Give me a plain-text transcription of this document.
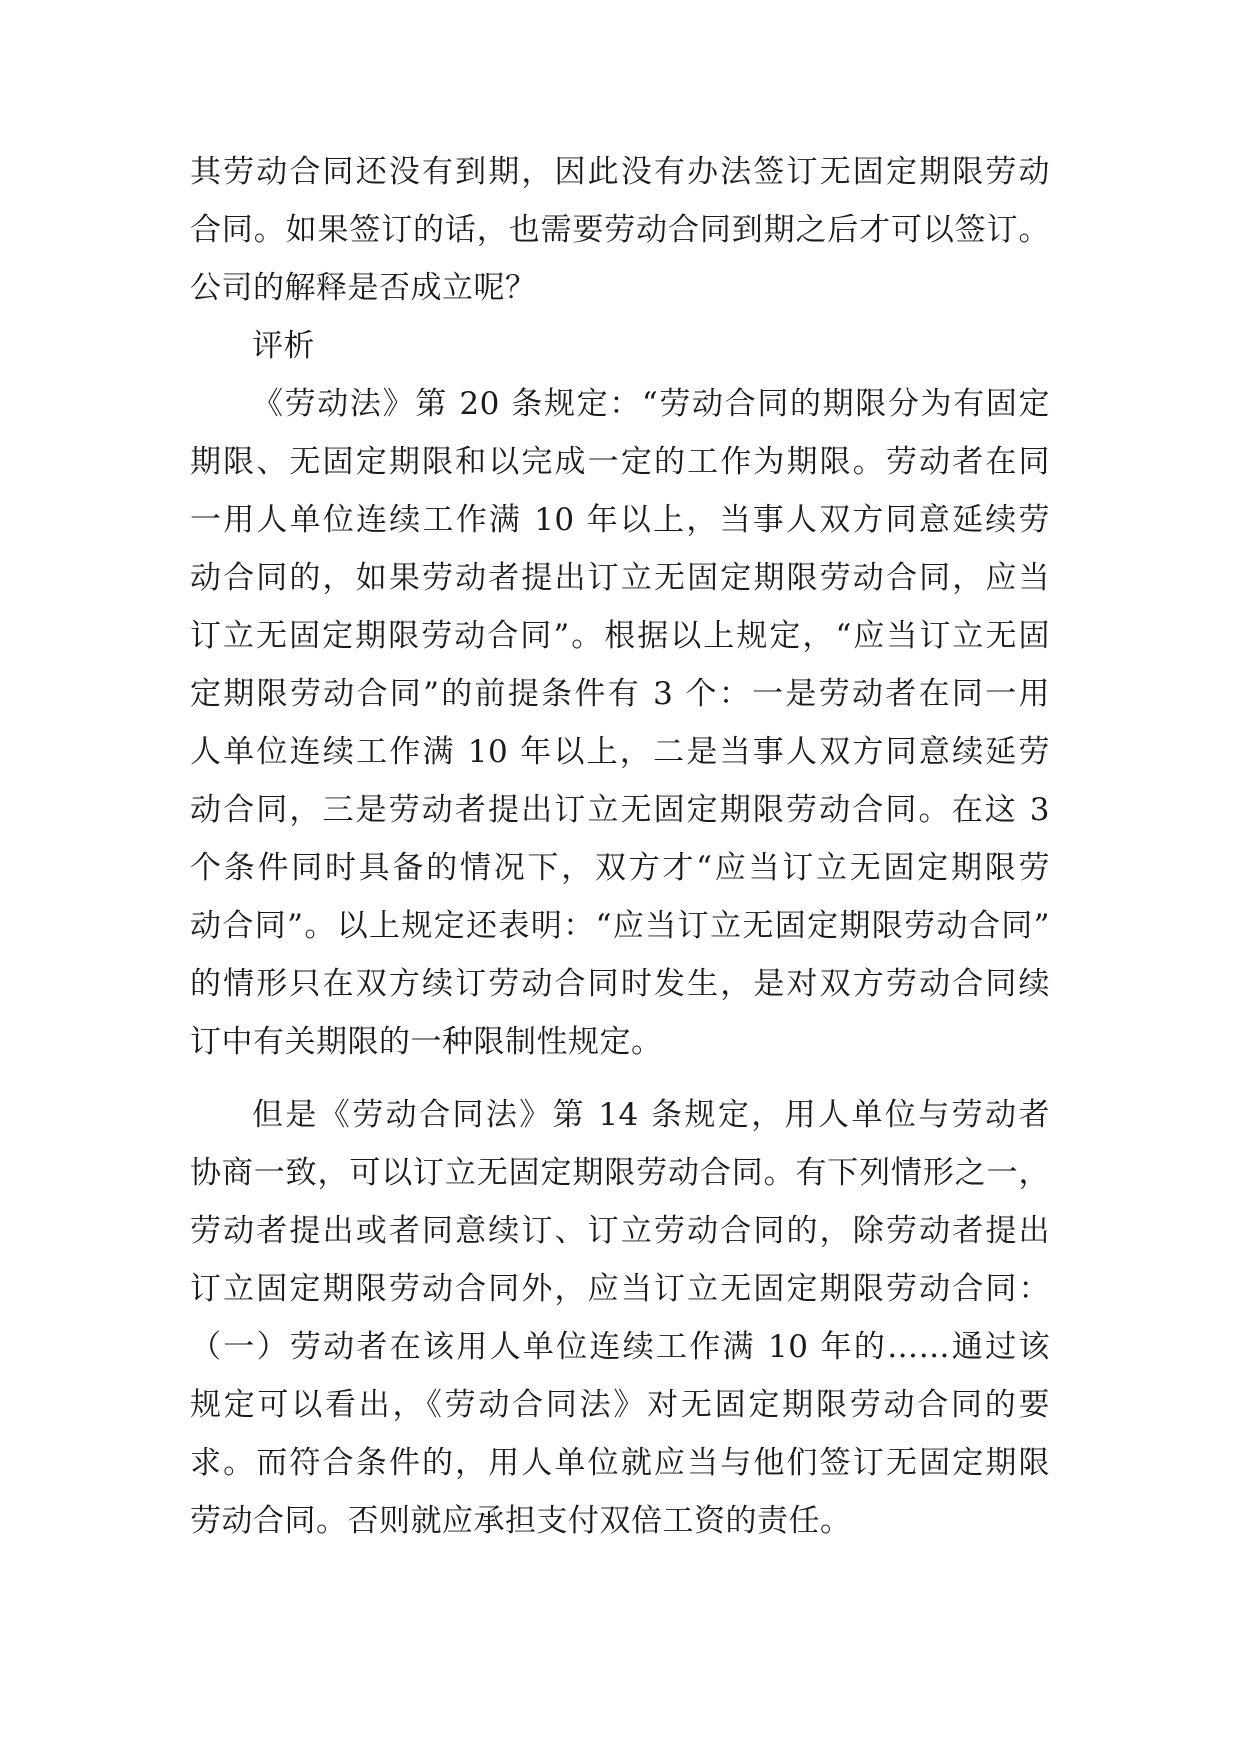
其劳动合同还没有到期，因此没有办法签订无固定期限劳动
合同。如果签订的话，也需要劳动合同到期之后才可以签订。
公司的解释是否成立呢？
评析
《劳动法》第 20 条规定：“劳动合同的期限分为有固定
期限、无固定期限和以完成一定的工作为期限。劳动者在同
一用人单位连续工作满 10 年以上，当事人双方同意延续劳
动合同的，如果劳动者提出订立无固定期限劳动合同，应当
订立无固定期限劳动合同”。根据以上规定，“应当订立无固
定期限劳动合同”的前提条件有 3 个：一是劳动者在同一用
人单位连续工作满 10 年以上，二是当事人双方同意续延劳
动合同，三是劳动者提出订立无固定期限劳动合同。在这 3
个条件同时具备的情况下，双方才“应当订立无固定期限劳
动合同”。以上规定还表明：“应当订立无固定期限劳动合同”
的情形只在双方续订劳动合同时发生，是对双方劳动合同续
订中有关期限的一种限制性规定。
但是《劳动合同法》第 14 条规定，用人单位与劳动者
协商一致，可以订立无固定期限劳动合同。有下列情形之一，
劳动者提出或者同意续订、订立劳动合同的，除劳动者提出
订立固定期限劳动合同外，应当订立无固定期限劳动合同：
（一）劳动者在该用人单位连续工作满 10 年的……通过该
规定可以看出，《劳动合同法》对无固定期限劳动合同的要
求。而符合条件的，用人单位就应当与他们签订无固定期限
劳动合同。否则就应承担支付双倍工资的责任。
